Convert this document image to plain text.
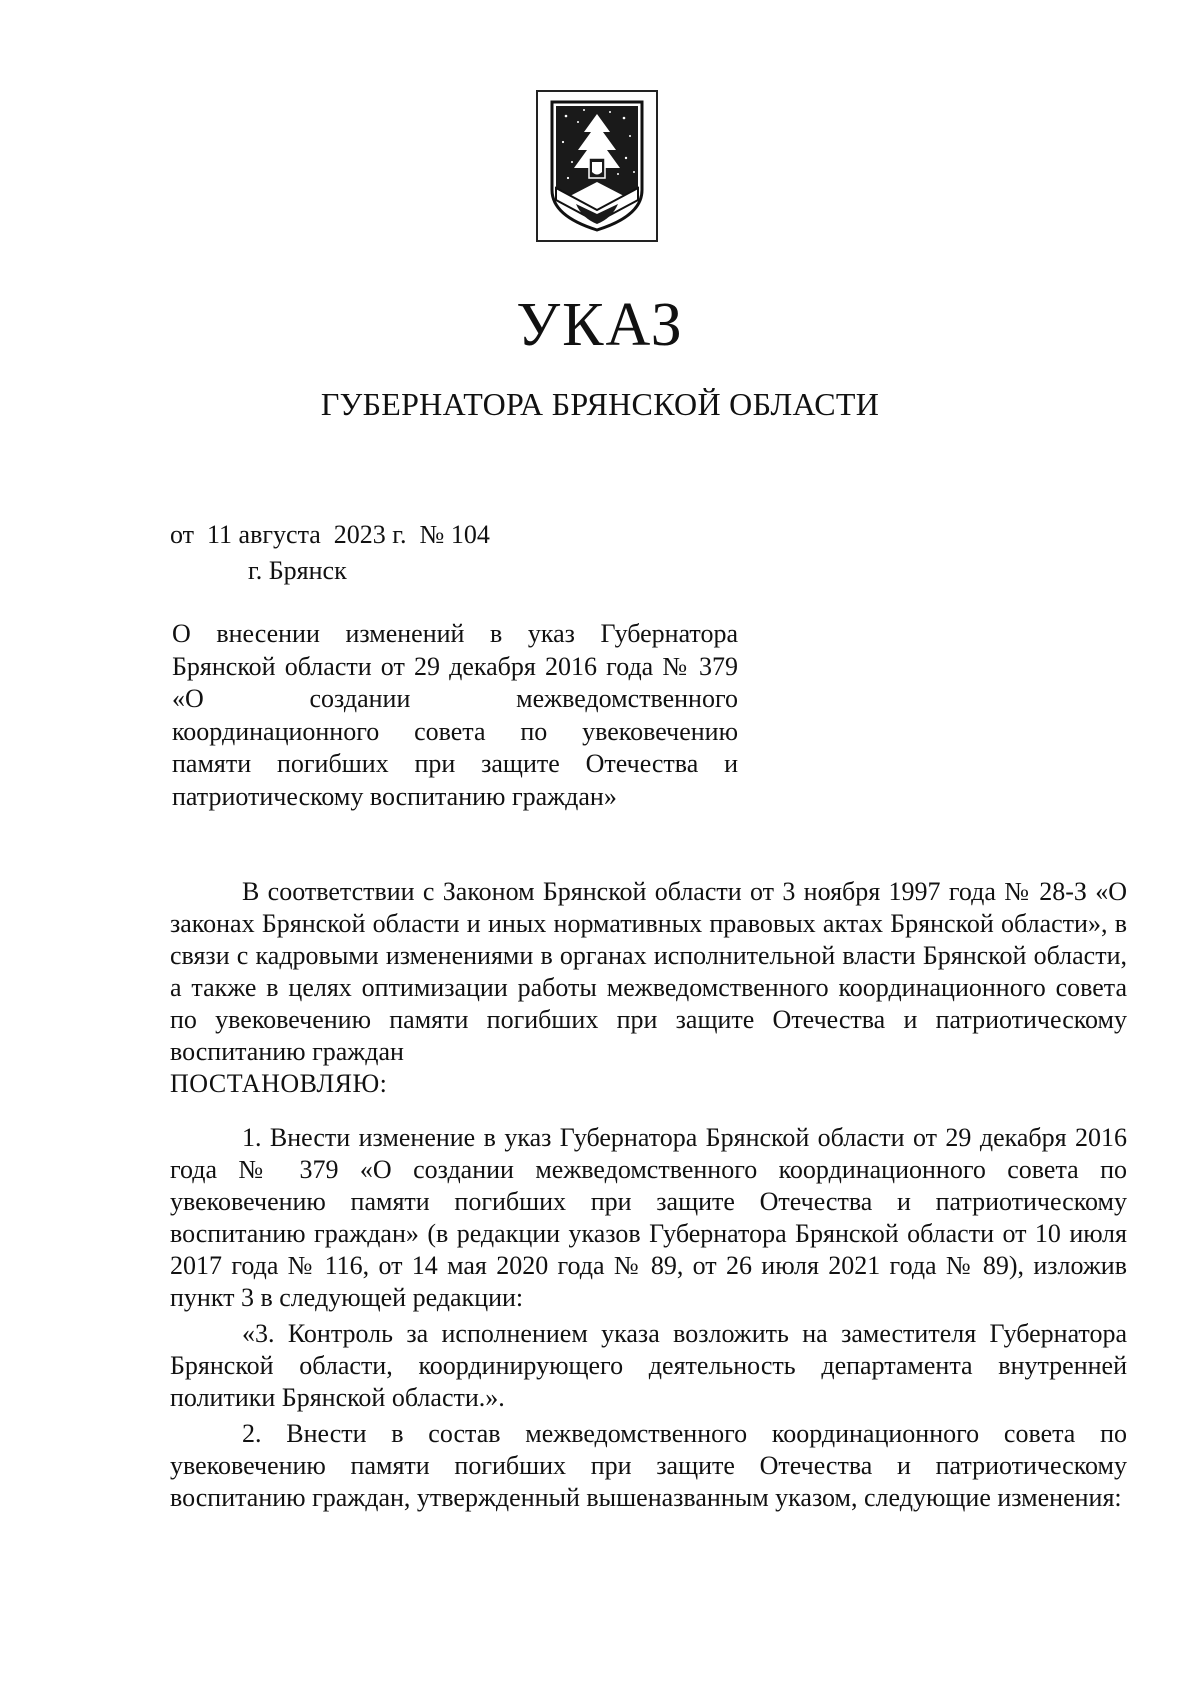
УКАЗ
ГУБЕРНАТОРА БРЯНСКОЙ ОБЛАСТИ
от  11 августа  2023 г.  № 104
г. Брянск
О внесении изменений в указ Губернатора Брянской области от 29 декабря 2016 года № 379 «О создании межведомственного координационного совета по увековечению памяти погибших при защите Отечества и патриотическому воспитанию граждан»

В соответствии с Законом Брянской области от 3 ноября 1997 года № 28-З «О законах Брянской области и иных нормативных правовых актах Брянской области», в связи с кадровыми изменениями в органах исполнительной власти Брянской области, а также в целях оптимизации работы межведомственного координационного совета по увековечению памяти погибших при защите Отечества и патриотическому воспитанию граждан

ПОСТАНОВЛЯЮ:

1. Внести изменение в указ Губернатора Брянской области от 29 декабря 2016 года № 379 «О создании межведомственного координационного совета по увековечению памяти погибших при защите Отечества и патриотическому воспитанию граждан» (в редакции указов Губернатора Брянской области от 10 июля 2017 года № 116, от 14 мая 2020 года № 89, от 26 июля 2021 года № 89), изложив пункт 3 в следующей редакции:

«3. Контроль за исполнением указа возложить на заместителя Губернатора Брянской области, координирующего деятельность департамента внутренней политики Брянской области.».

2. Внести в состав межведомственного координационного совета по увековечению памяти погибших при защите Отечества и патриотическому воспитанию граждан, утвержденный вышеназванным указом, следующие изменения:
